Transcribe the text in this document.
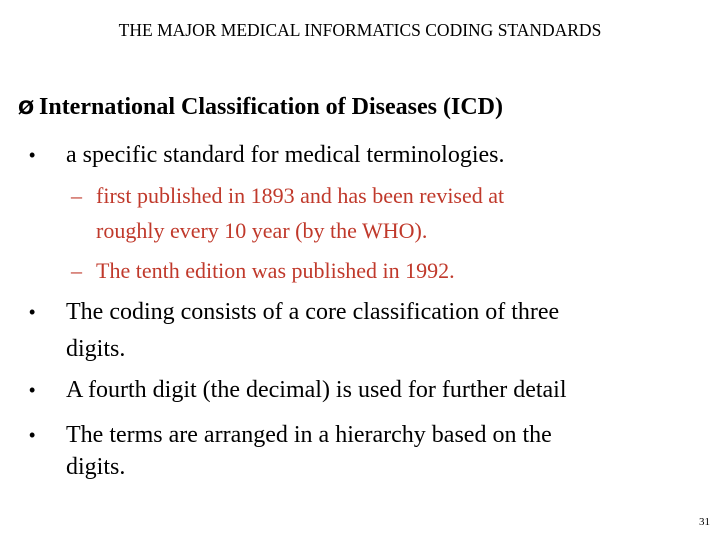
THE MAJOR MEDICAL INFORMATICS CODING STANDARDS
Ø International Classification of Diseases (ICD)
• a specific standard for medical terminologies.
– first published in 1893 and has been revised at
roughly every 10 year (by the WHO).
– The tenth edition was published in 1992.
• The coding consists of a core classification of three
digits.
• A fourth digit (the decimal) is used for further detail
• The terms are arranged in a hierarchy based on the
digits.
31
